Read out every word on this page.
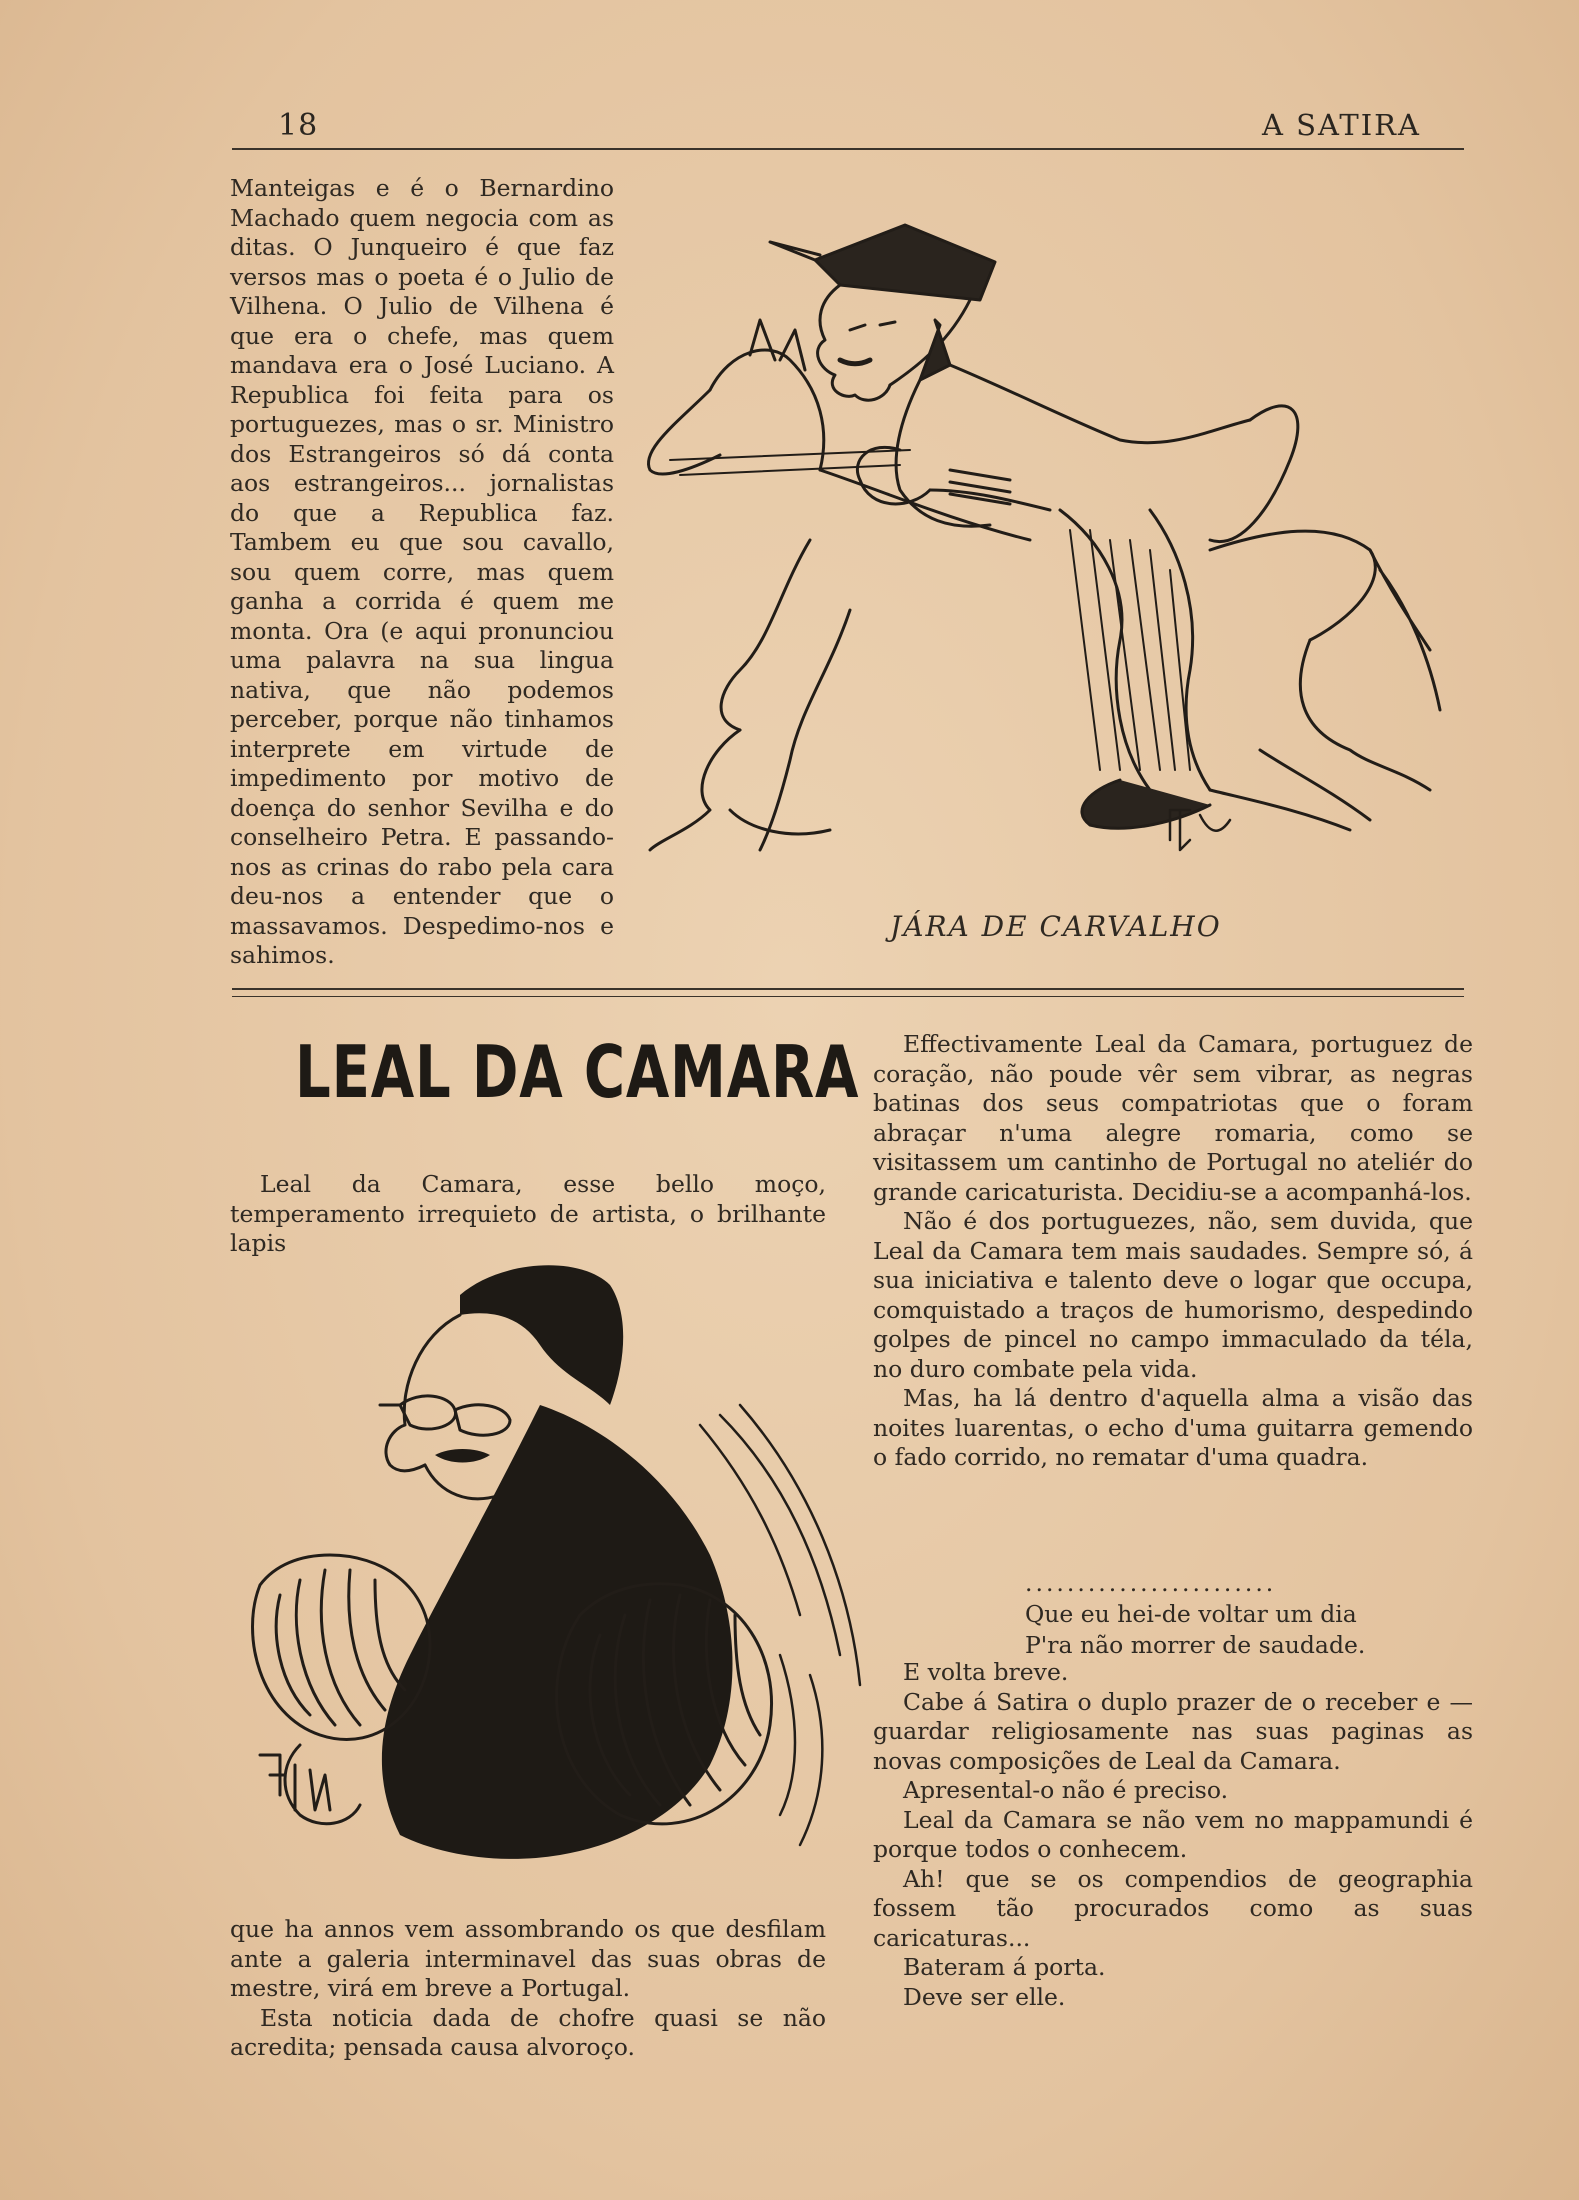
18	A SATIRA

Manteigas e é o Bernardino Machado quem negocia com as ditas. O Junqueiro é que faz versos mas o poeta é o Julio de Vilhena. O Julio de Vilhena é que era o chefe, mas quem mandava era o José Luciano. A Republica foi feita para os portuguezes, mas o sr. Ministro dos Estrangeiros só dá conta aos estrangeiros... jornalistas do que a Republica faz. Tambem eu que sou cavallo, sou quem corre, mas quem ganha a corrida é quem me monta. Ora (e aqui pronunciou uma palavra na sua lingua nativa, que não podemos perceber, porque não tinhamos interprete em virtude de impedimento por motivo de doença do senhor Sevilha e do conselheiro Petra. E passando-nos as crinas do rabo pela cara deu-nos a entender que o massavamos. Despedimo-nos e sahimos.

JÁRA DE CARVALHO
LEAL DA CAMARA

Leal da Camara, esse bello moço, temperamento irrequieto de artista, o brilhante lapis

que ha annos vem assombrando os que desfilam ante a galeria interminavel das suas obras de mestre, virá em breve a Portugal.

Esta noticia dada de chofre quasi se não acredita; pensada causa alvoroço.

Effectivamente Leal da Camara, portuguez de coração, não poude vêr sem vibrar, as negras batinas dos seus compatriotas que o foram abraçar n'uma alegre romaria, como se visitassem um cantinho de Portugal no ateliér do grande caricaturista. Decidiu-se a acompanhá-los.

Não é dos portuguezes, não, sem duvida, que Leal da Camara tem mais saudades. Sempre só, á sua iniciativa e talento deve o logar que occupa, comquistado a traços de humorismo, despedindo golpes de pincel no campo immaculado da téla, no duro combate pela vida.

Mas, ha lá dentro d'aquella alma a visão das noites luarentas, o echo d'uma guitarra gemendo o fado corrido, no rematar d'uma quadra.

........................
Que eu hei-de voltar um dia
P'ra não morrer de saudade.

E volta breve.

Cabe á Satira o duplo prazer de o receber e — guardar religiosamente nas suas paginas as novas composições de Leal da Camara.

Apresental-o não é preciso.

Leal da Camara se não vem no mappamundi é porque todos o conhecem.

Ah! que se os compendios de geographia fossem tão procurados como as suas caricaturas...

Bateram á porta.

Deve ser elle.
